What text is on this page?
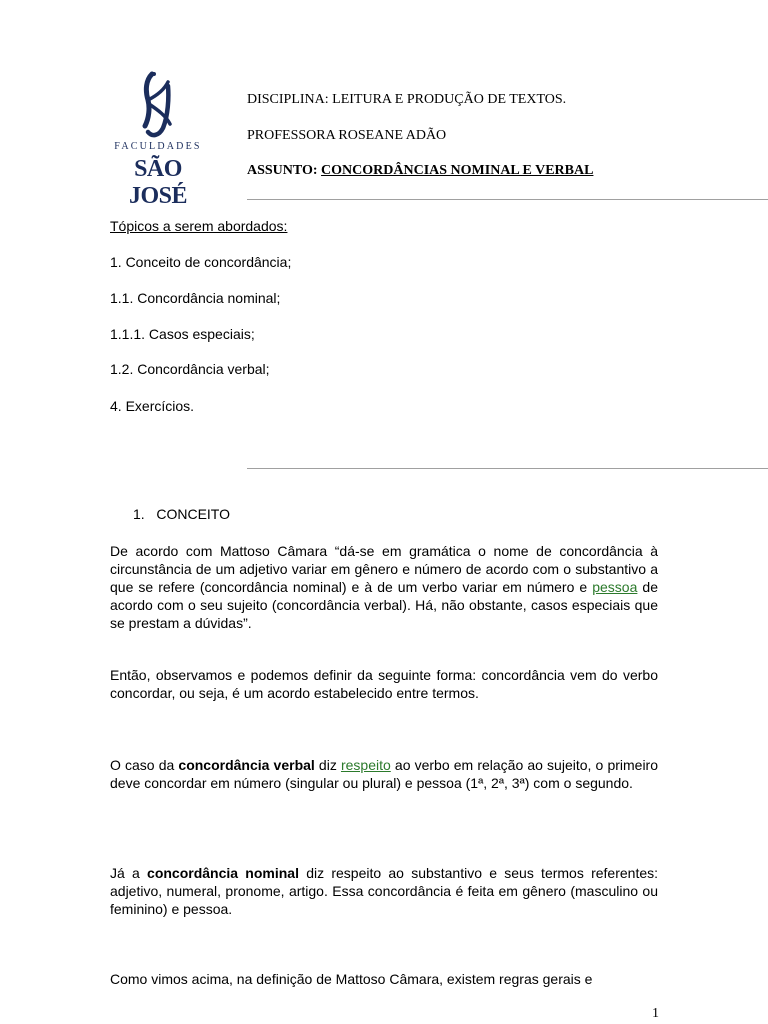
FACULDADES
SÃO JOSÉ
DISCIPLINA: LEITURA E PRODUÇÃO DE TEXTOS.
PROFESSORA ROSEANE ADÃO
ASSUNTO: CONCORDÂNCIAS NOMINAL E VERBAL
Tópicos a serem abordados:
1. Conceito de concordância;
1.1. Concordância nominal;
1.1.1. Casos especiais;
1.2. Concordância verbal;
4. Exercícios.
1. CONCEITO
De acordo com Mattoso Câmara “dá-se em gramática o nome de concordância à circunstância de um adjetivo variar em gênero e número de acordo com o substantivo a que se refere (concordância nominal) e à de um verbo variar em número e pessoa de acordo com o seu sujeito (concordância verbal). Há, não obstante, casos especiais que se prestam a dúvidas”.
Então, observamos e podemos definir da seguinte forma: concordância vem do verbo concordar, ou seja, é um acordo estabelecido entre termos.
O caso da concordância verbal diz respeito ao verbo em relação ao sujeito, o primeiro deve concordar em número (singular ou plural) e pessoa (1ª, 2ª, 3ª) com o segundo.
Já a concordância nominal diz respeito ao substantivo e seus termos referentes: adjetivo, numeral, pronome, artigo. Essa concordância é feita em gênero (masculino ou feminino) e pessoa.
Como vimos acima, na definição de Mattoso Câmara, existem regras gerais e
1
